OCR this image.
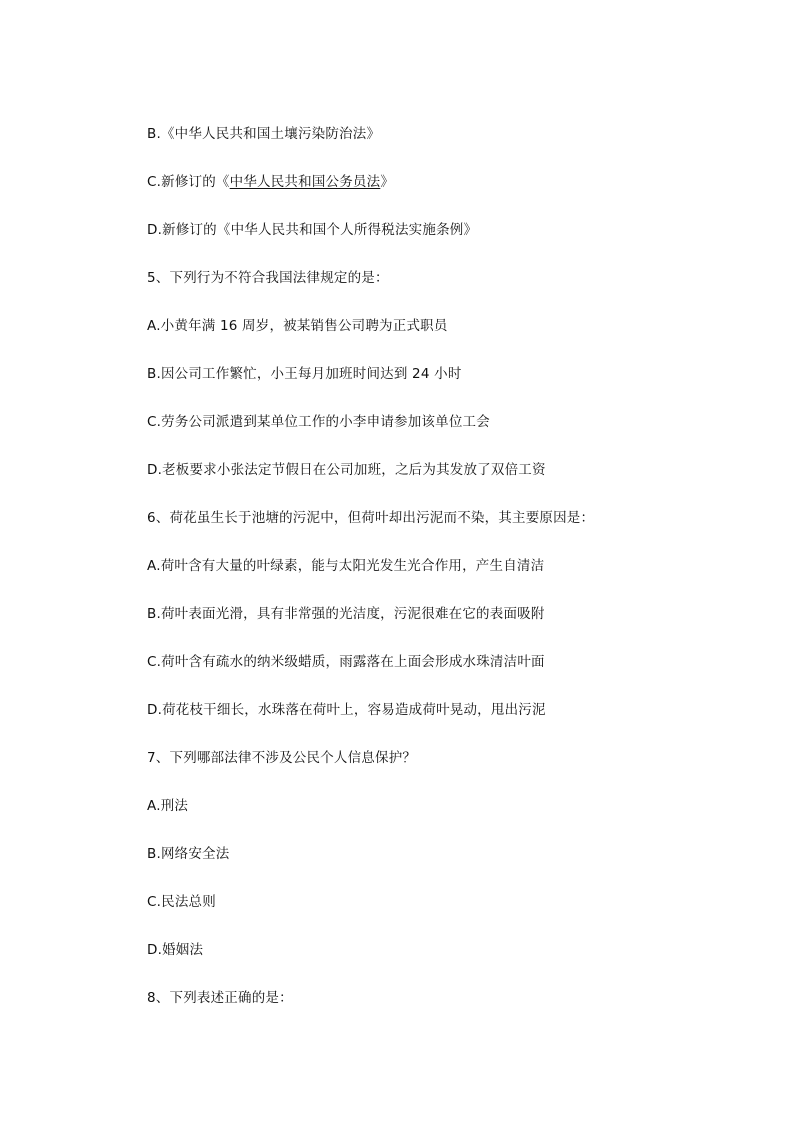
B.《中华人民共和国土壤污染防治法》
C.新修订的《中华人民共和国公务员法》
D.新修订的《中华人民共和国个人所得税法实施条例》
5、下列行为不符合我国法律规定的是：
A.小黄年满 16 周岁，被某销售公司聘为正式职员
B.因公司工作繁忙，小王每月加班时间达到 24 小时
C.劳务公司派遣到某单位工作的小李申请参加该单位工会
D.老板要求小张法定节假日在公司加班，之后为其发放了双倍工资
6、荷花虽生长于池塘的污泥中，但荷叶却出污泥而不染，其主要原因是：
A.荷叶含有大量的叶绿素，能与太阳光发生光合作用，产生自清洁
B.荷叶表面光滑，具有非常强的光洁度，污泥很难在它的表面吸附
C.荷叶含有疏水的纳米级蜡质，雨露落在上面会形成水珠清洁叶面
D.荷花枝干细长，水珠落在荷叶上，容易造成荷叶晃动，甩出污泥
7、下列哪部法律不涉及公民个人信息保护？
A.刑法
B.网络安全法
C.民法总则
D.婚姻法
8、下列表述正确的是：
